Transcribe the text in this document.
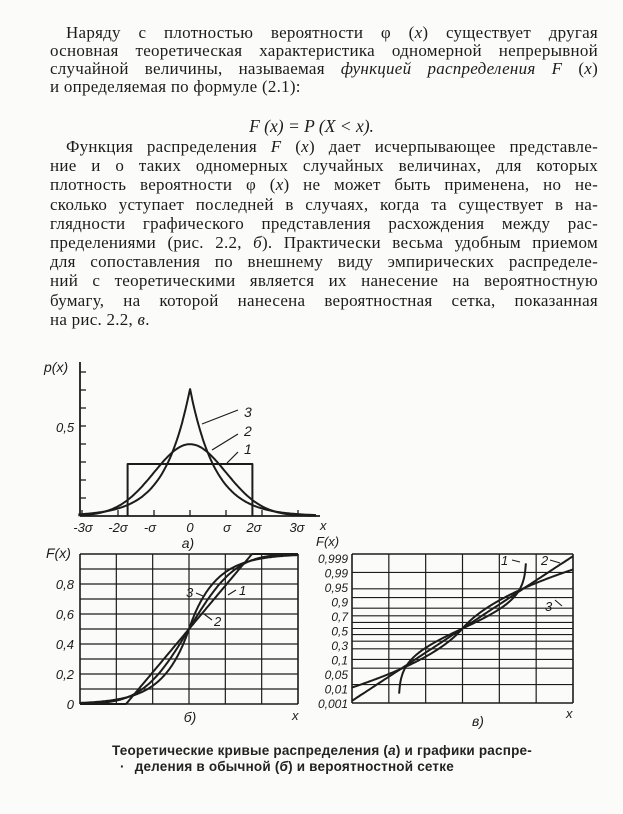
Наряду с плотностью вероятности φ (x) существует другая
основная теоретическая характеристика одномерной непрерывной
случайной величины, называемая функцией распределения F (x)
и определяемая по формуле (2.1):
Функция распределения F (x) дает исчерпывающее представле-
ние и о таких одномерных случайных величинах, для которых
плотность вероятности φ (x) не может быть применена, но не-
сколько уступает последней в случаях, когда та существует в на-
глядности графического представления расхождения между рас-
пределениями (рис. 2.2, б). Практически весьма удобным приемом
для сопоставления по внешнему виду эмпирических распределе-
ний с теоретическими является их нанесение на вероятностную
бумагу, на которой нанесена вероятностная сетка, показанная
на рис. 2.2, в.
F (x) = P (X < x).
p(x)
0,5
-3σ -2σ -σ 0 σ 2σ 3σ x
а)
3
2
1
0
0,2
0,4
0,6
0,8
F(x)
x
б)
3	1
2
0,999
0,99
0,95
0,9
0,7
0,5
0,3
0,1
0,05
0,01
0,001
F(x)
x
в)
1	2
3
Теоретические кривые распределения (а) и графики распре-
· деления в обычной (б) и вероятностной сетке
